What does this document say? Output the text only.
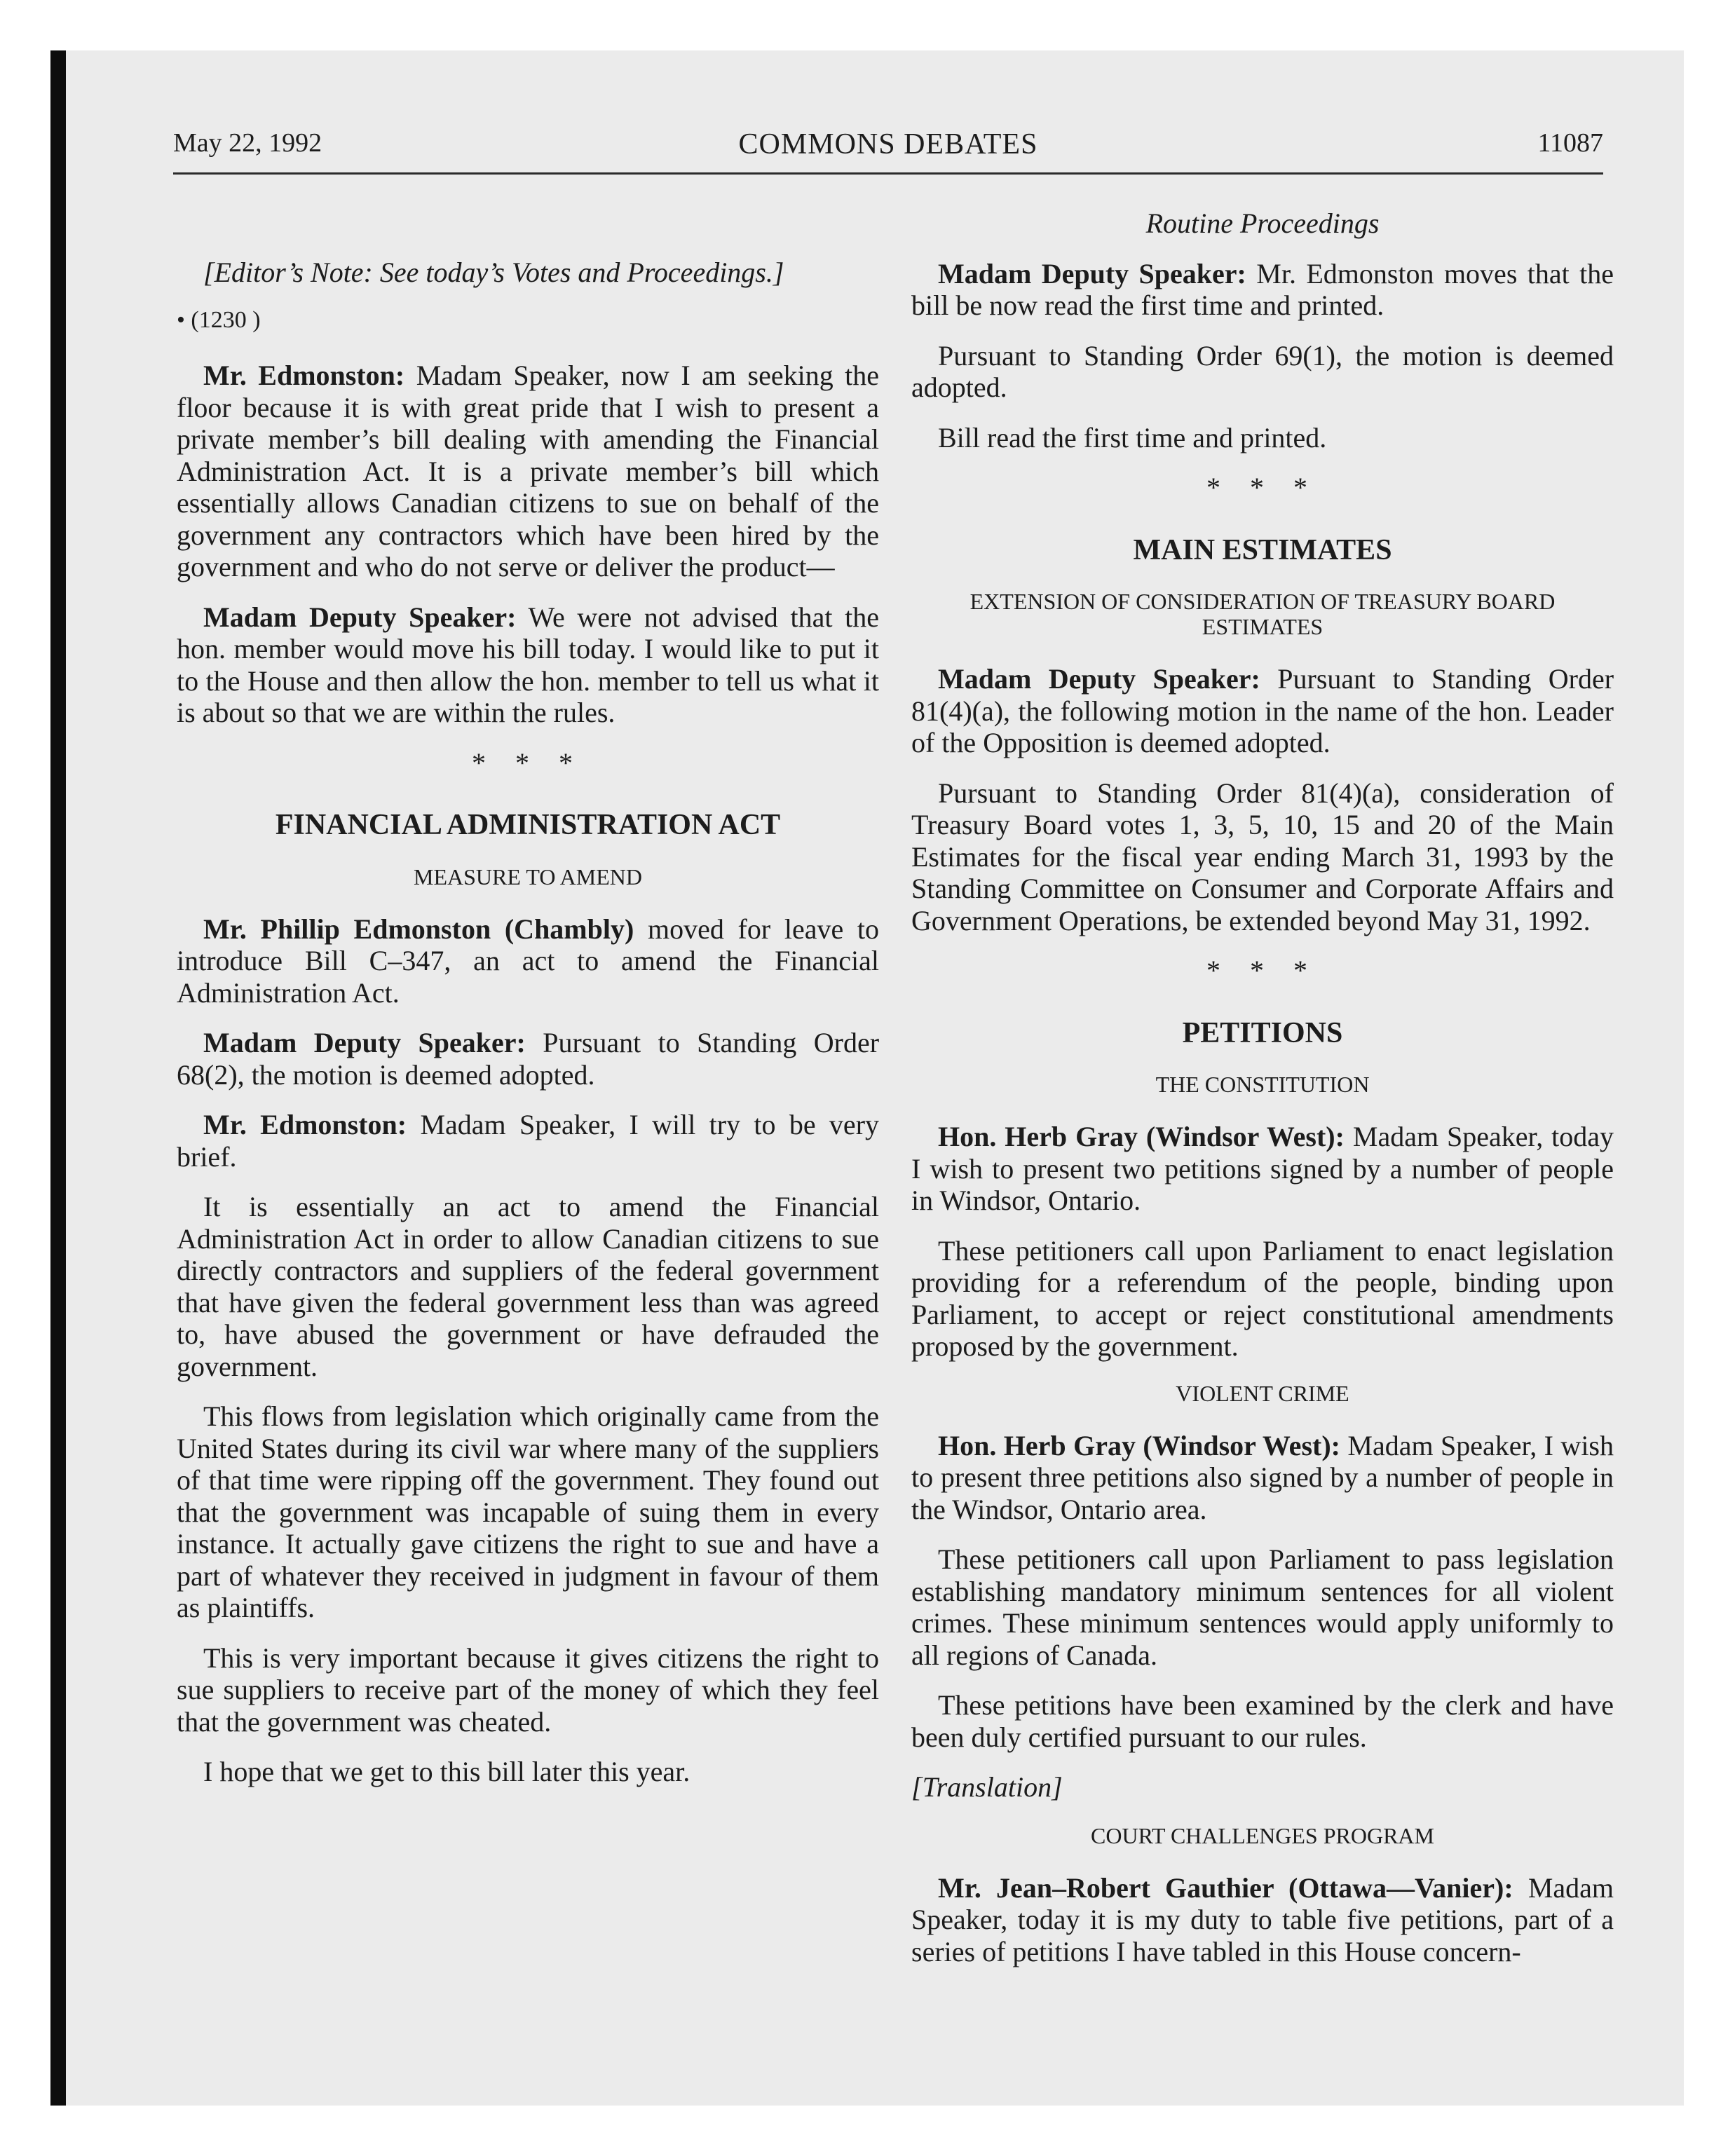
May 22, 1992	COMMONS DEBATES	11087
[Editor’s Note: See today’s Votes and Proceedings.]
• (1230 )

Mr. Edmonston: Madam Speaker, now I am seeking the floor because it is with great pride that I wish to present a private member’s bill dealing with amending the Financial Administration Act. It is a private member’s bill which essentially allows Canadian citizens to sue on behalf of the government any contractors which have been hired by the government and who do not serve or deliver the product—

Madam Deputy Speaker: We were not advised that the hon. member would move his bill today. I would like to put it to the House and then allow the hon. member to tell us what it is about so that we are within the rules.

* * *
FINANCIAL ADMINISTRATION ACT
MEASURE TO AMEND

Mr. Phillip Edmonston (Chambly) moved for leave to introduce Bill C–347, an act to amend the Financial Administration Act.

Madam Deputy Speaker: Pursuant to Standing Order 68(2), the motion is deemed adopted.

Mr. Edmonston: Madam Speaker, I will try to be very brief.

It is essentially an act to amend the Financial Administration Act in order to allow Canadian citizens to sue directly contractors and suppliers of the federal government that have given the federal government less than was agreed to, have abused the government or have defrauded the government.

This flows from legislation which originally came from the United States during its civil war where many of the suppliers of that time were ripping off the government. They found out that the government was incapable of suing them in every instance. It actually gave citizens the right to sue and have a part of whatever they received in judgment in favour of them as plaintiffs.

This is very important because it gives citizens the right to sue suppliers to receive part of the money of which they feel that the government was cheated.

I hope that we get to this bill later this year.

Routine Proceedings

Madam Deputy Speaker: Mr. Edmonston moves that the bill be now read the first time and printed.

Pursuant to Standing Order 69(1), the motion is deemed adopted.

Bill read the first time and printed.

* * *
MAIN ESTIMATES
EXTENSION OF CONSIDERATION OF TREASURY BOARD ESTIMATES

Madam Deputy Speaker: Pursuant to Standing Order 81(4)(a), the following motion in the name of the hon. Leader of the Opposition is deemed adopted.

Pursuant to Standing Order 81(4)(a), consideration of Treasury Board votes 1, 3, 5, 10, 15 and 20 of the Main Estimates for the fiscal year ending March 31, 1993 by the Standing Committee on Consumer and Corporate Affairs and Government Operations, be extended beyond May 31, 1992.

* * *
PETITIONS
THE CONSTITUTION

Hon. Herb Gray (Windsor West): Madam Speaker, today I wish to present two petitions signed by a number of people in Windsor, Ontario.

These petitioners call upon Parliament to enact legislation providing for a referendum of the people, binding upon Parliament, to accept or reject constitutional amendments proposed by the government.

VIOLENT CRIME

Hon. Herb Gray (Windsor West): Madam Speaker, I wish to present three petitions also signed by a number of people in the Windsor, Ontario area.

These petitioners call upon Parliament to pass legislation establishing mandatory minimum sentences for all violent crimes. These minimum sentences would apply uniformly to all regions of Canada.

These petitions have been examined by the clerk and have been duly certified pursuant to our rules.

[Translation]
COURT CHALLENGES PROGRAM

Mr. Jean–Robert Gauthier (Ottawa—Vanier): Madam Speaker, today it is my duty to table five petitions, part of a series of petitions I have tabled in this House concern-
